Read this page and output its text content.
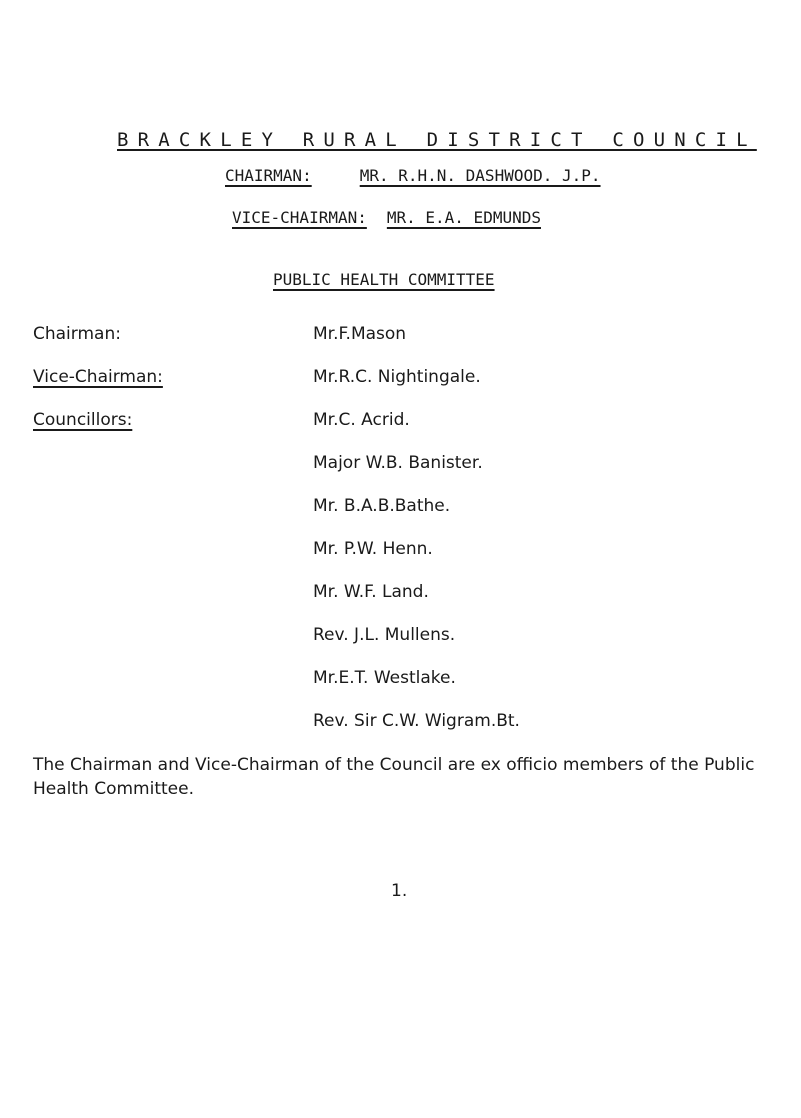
BRACKLEY RURAL DISTRICT COUNCIL
CHAIRMAN:	MR. R.H.N. DASHWOOD. J.P.
VICE-CHAIRMAN: MR. E.A. EDMUNDS
PUBLIC HEALTH COMMITTEE
Chairman:	Mr.F.Mason
Vice-Chairman:	Mr.R.C. Nightingale.
Councillors:	Mr.C. Acrid.
Major W.B. Banister.
Mr. B.A.B.Bathe.
Mr. P.W. Henn.
Mr. W.F. Land.
Rev. J.L. Mullens.
Mr.E.T. Westlake.
Rev. Sir C.W. Wigram.Bt.
The Chairman and Vice-Chairman of the Council are ex officio members of the Public Health Committee.
1.
